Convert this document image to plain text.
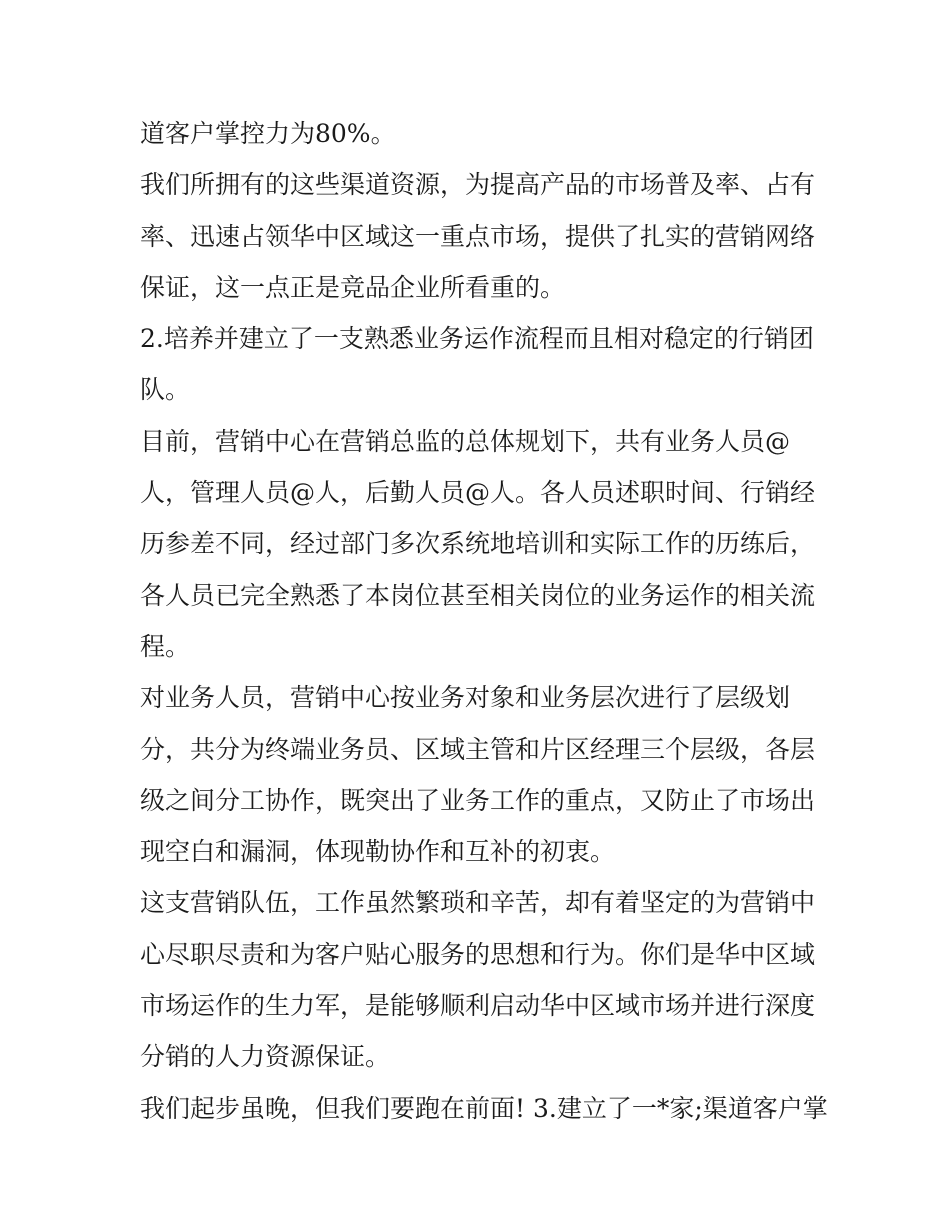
道客户掌控力为80%。
我们所拥有的这些渠道资源，为提高产品的市场普及率、占有
率、迅速占领华中区域这一重点市场，提供了扎实的营销网络
保证，这一点正是竞品企业所看重的。
2.培养并建立了一支熟悉业务运作流程而且相对稳定的行销团
队。
目前，营销中心在营销总监的总体规划下，共有业务人员@
人，管理人员@人，后勤人员@人。各人员述职时间、行销经
历参差不同，经过部门多次系统地培训和实际工作的历练后，
各人员已完全熟悉了本岗位甚至相关岗位的业务运作的相关流
程。
对业务人员，营销中心按业务对象和业务层次进行了层级划
分，共分为终端业务员、区域主管和片区经理三个层级，各层
级之间分工协作，既突出了业务工作的重点，又防止了市场出
现空白和漏洞，体现勒协作和互补的初衷。
这支营销队伍，工作虽然繁琐和辛苦，却有着坚定的为营销中
心尽职尽责和为客户贴心服务的思想和行为。你们是华中区域
市场运作的生力军，是能够顺利启动华中区域市场并进行深度
分销的人力资源保证。
我们起步虽晚，但我们要跑在前面! 3.建立了一*家;渠道客户掌
